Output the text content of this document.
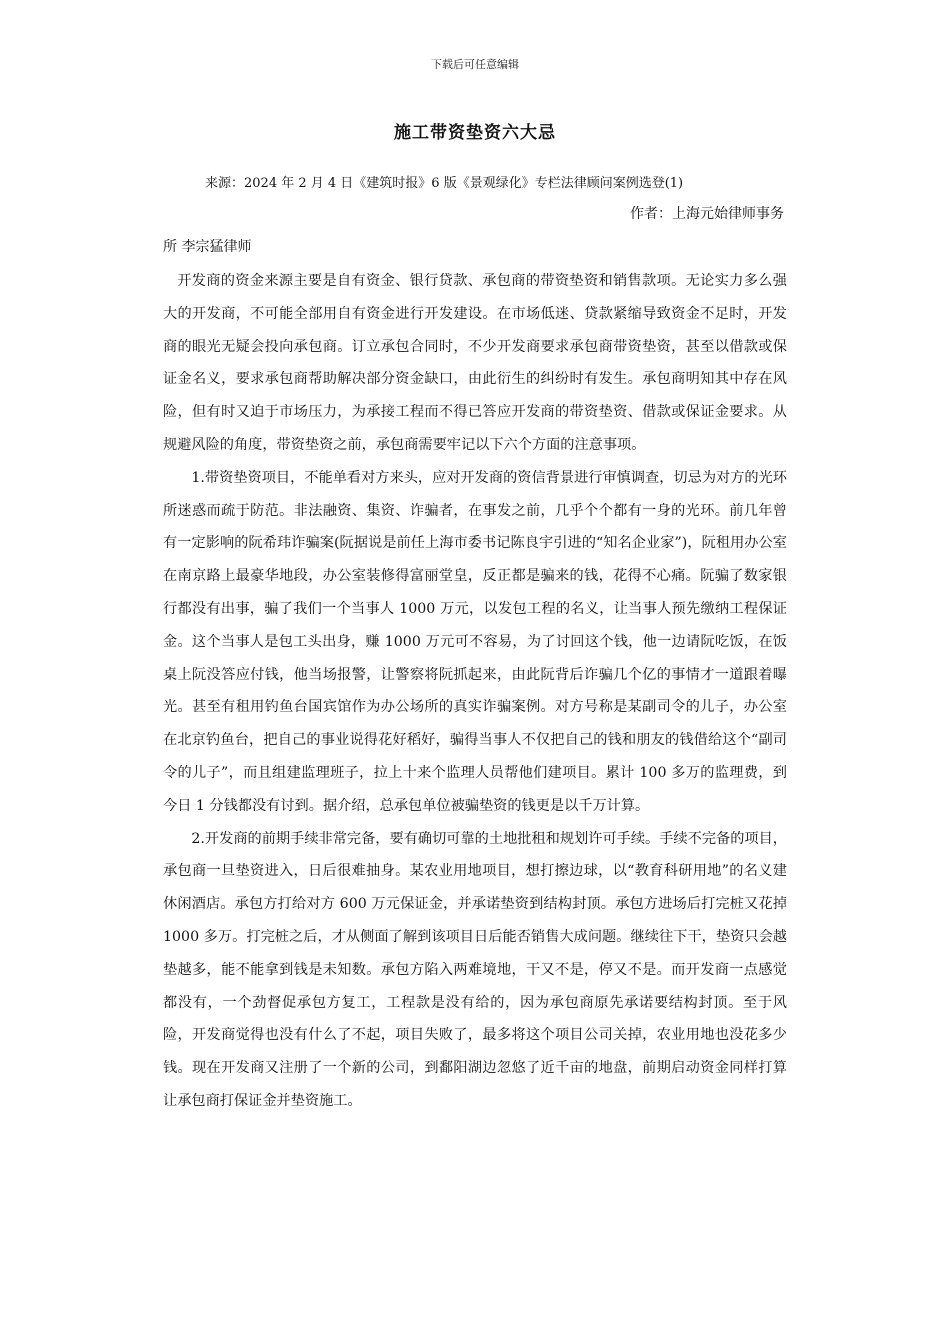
下载后可任意编辑
施工带资垫资六大忌
来源：2024 年 2 月 4 日《建筑时报》6 版《景观绿化》专栏法律顾问案例选登(1)
作者：上海元始律师事务
所 李宗猛律师

开发商的资金来源主要是自有资金、银行贷款、承包商的带资垫资和销售款项。无论实力多么强大的开发商，不可能全部用自有资金进行开发建设。在市场低迷、贷款紧缩导致资金不足时，开发商的眼光无疑会投向承包商。订立承包合同时，不少开发商要求承包商带资垫资，甚至以借款或保证金名义，要求承包商帮助解决部分资金缺口，由此衍生的纠纷时有发生。承包商明知其中存在风险，但有时又迫于市场压力，为承接工程而不得已答应开发商的带资垫资、借款或保证金要求。从规避风险的角度，带资垫资之前，承包商需要牢记以下六个方面的注意事项。

1.带资垫资项目，不能单看对方来头，应对开发商的资信背景进行审慎调查，切忌为对方的光环所迷惑而疏于防范。非法融资、集资、诈骗者，在事发之前，几乎个个都有一身的光环。前几年曾有一定影响的阮希玮诈骗案(阮据说是前任上海市委书记陈良宇引进的“知名企业家”)，阮租用办公室在南京路上最豪华地段，办公室装修得富丽堂皇，反正都是骗来的钱，花得不心痛。阮骗了数家银行都没有出事，骗了我们一个当事人 1000 万元，以发包工程的名义，让当事人预先缴纳工程保证金。这个当事人是包工头出身，赚 1000 万元可不容易，为了讨回这个钱，他一边请阮吃饭，在饭桌上阮没答应付钱，他当场报警，让警察将阮抓起来，由此阮背后诈骗几个亿的事情才一道跟着曝光。甚至有租用钓鱼台国宾馆作为办公场所的真实诈骗案例。对方号称是某副司令的儿子，办公室在北京钓鱼台，把自己的事业说得花好稻好，骗得当事人不仅把自己的钱和朋友的钱借给这个“副司令的儿子”，而且组建监理班子，拉上十来个监理人员帮他们建项目。累计 100 多万的监理费，到今日 1 分钱都没有讨到。据介绍，总承包单位被骗垫资的钱更是以千万计算。

2.开发商的前期手续非常完备，要有确切可靠的土地批租和规划许可手续。手续不完备的项目，承包商一旦垫资进入，日后很难抽身。某农业用地项目，想打擦边球，以“教育科研用地”的名义建休闲酒店。承包方打给对方 600 万元保证金，并承诺垫资到结构封顶。承包方进场后打完桩又花掉 1000 多万。打完桩之后，才从侧面了解到该项目日后能否销售大成问题。继续往下干，垫资只会越垫越多，能不能拿到钱是未知数。承包方陷入两难境地，干又不是，停又不是。而开发商一点感觉都没有，一个劲督促承包方复工，工程款是没有给的，因为承包商原先承诺要结构封顶。至于风险，开发商觉得也没有什么了不起，项目失败了，最多将这个项目公司关掉，农业用地也没花多少钱。现在开发商又注册了一个新的公司，到鄱阳湖边忽悠了近千亩的地盘，前期启动资金同样打算让承包商打保证金并垫资施工。
